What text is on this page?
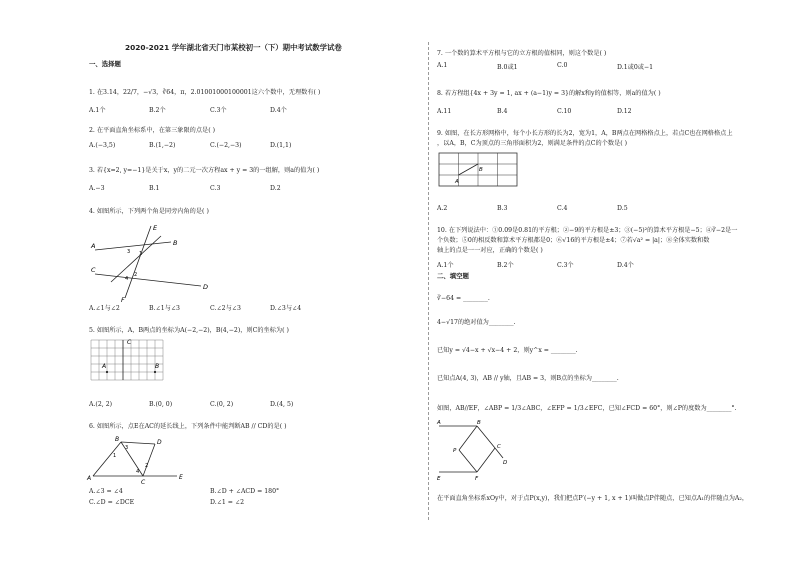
2020-2021 学年湖北省天门市某校初一（下）期中考试数学试卷
一、选择题
1. 在3.14，22/7，−√3，∛64，π，2.01001000100001这六个数中，无理数有( )
A.1个	B.2个	C.3个	D.4个
2. 在平面直角坐标系中，在第三象限的点是( )
A.(−3,5)	B.(1,−2)	C.(−2,−3)	D.(1,1)
3. 若{x=2, y=−1}是关于x，y的二元一次方程ax + y = 3的一组解，则a的值为( )
A.−3	B.1	C.3	D.2
4. 如图所示，下列两个角是同旁内角的是( )
E
A	B
3 1
C
2
4
D
F
A.∠1与∠2	B.∠1与∠3	C.∠2与∠3	D.∠3与∠4
5. 如图所示，A，B两点的坐标为A(−2,−2)，B(4,−2)，则C的坐标为( )
C
A	B
A.(2, 2)	B.(0, 0)	C.(0, 2)	D.(4, 5)
6. 如图所示，点E在AC的延长线上，下列条件中能判断AB // CD的是( )
B
3
D
1
2
4
A
C
E
A.∠3 = ∠4	B.∠D + ∠ACD = 180°
C.∠D = ∠DCE	D.∠1 = ∠2
7. 一个数的算术平方根与它的立方根的值相同，则这个数是( )
A.1	B.0或1	C.0	D.1或0或−1
8. 若方程组{4x + 3y = 1, ax + (a−1)y = 3}的解x和y的值相等，则a的值为( )
A.11	B.4	C.10	D.12
9. 如图，在长方形网格中，每个小长方形的长为2，宽为1，A，B两点在网格格点上，若点C也在网格格点上
，以A，B，C为顶点的三角形面积为2，则满足条件的点C的个数是( )
B
A
A.2	B.3	C.4	D.5
10. 在下列说法中：①0.09是0.81的平方根；②−9的平方根是±3；③(−5)²的算术平方根是−5；④∛−2是一
个负数；⑤0的相反数和算术平方根都是0；⑥√16的平方根是±4；⑦若√a² = |a|；⑧全体实数和数
轴上的点是一一对应，正确的个数是( )
A.1个	B.2个	C.3个	D.4个
二、填空题
∛−64 = ________.
4−√17的绝对值为________.
已知y = √4−x + √x−4 + 2，则y^x = ________.
已知点A(4, 3)，AB // y轴，且AB = 3，则B点的坐标为________.
如图，AB//EF，∠ABP = 1/3∠ABC，∠EFP = 1/3∠EFC，已知∠FCD = 60°，则∠P的度数为________°.
A	B
P
C
D
E	F
在平面直角坐标系xOy中，对于点P(x,y)，我们把点P′(−y + 1, x + 1)叫做点P伴随点，已知点A₁的伴随点为A₂，
